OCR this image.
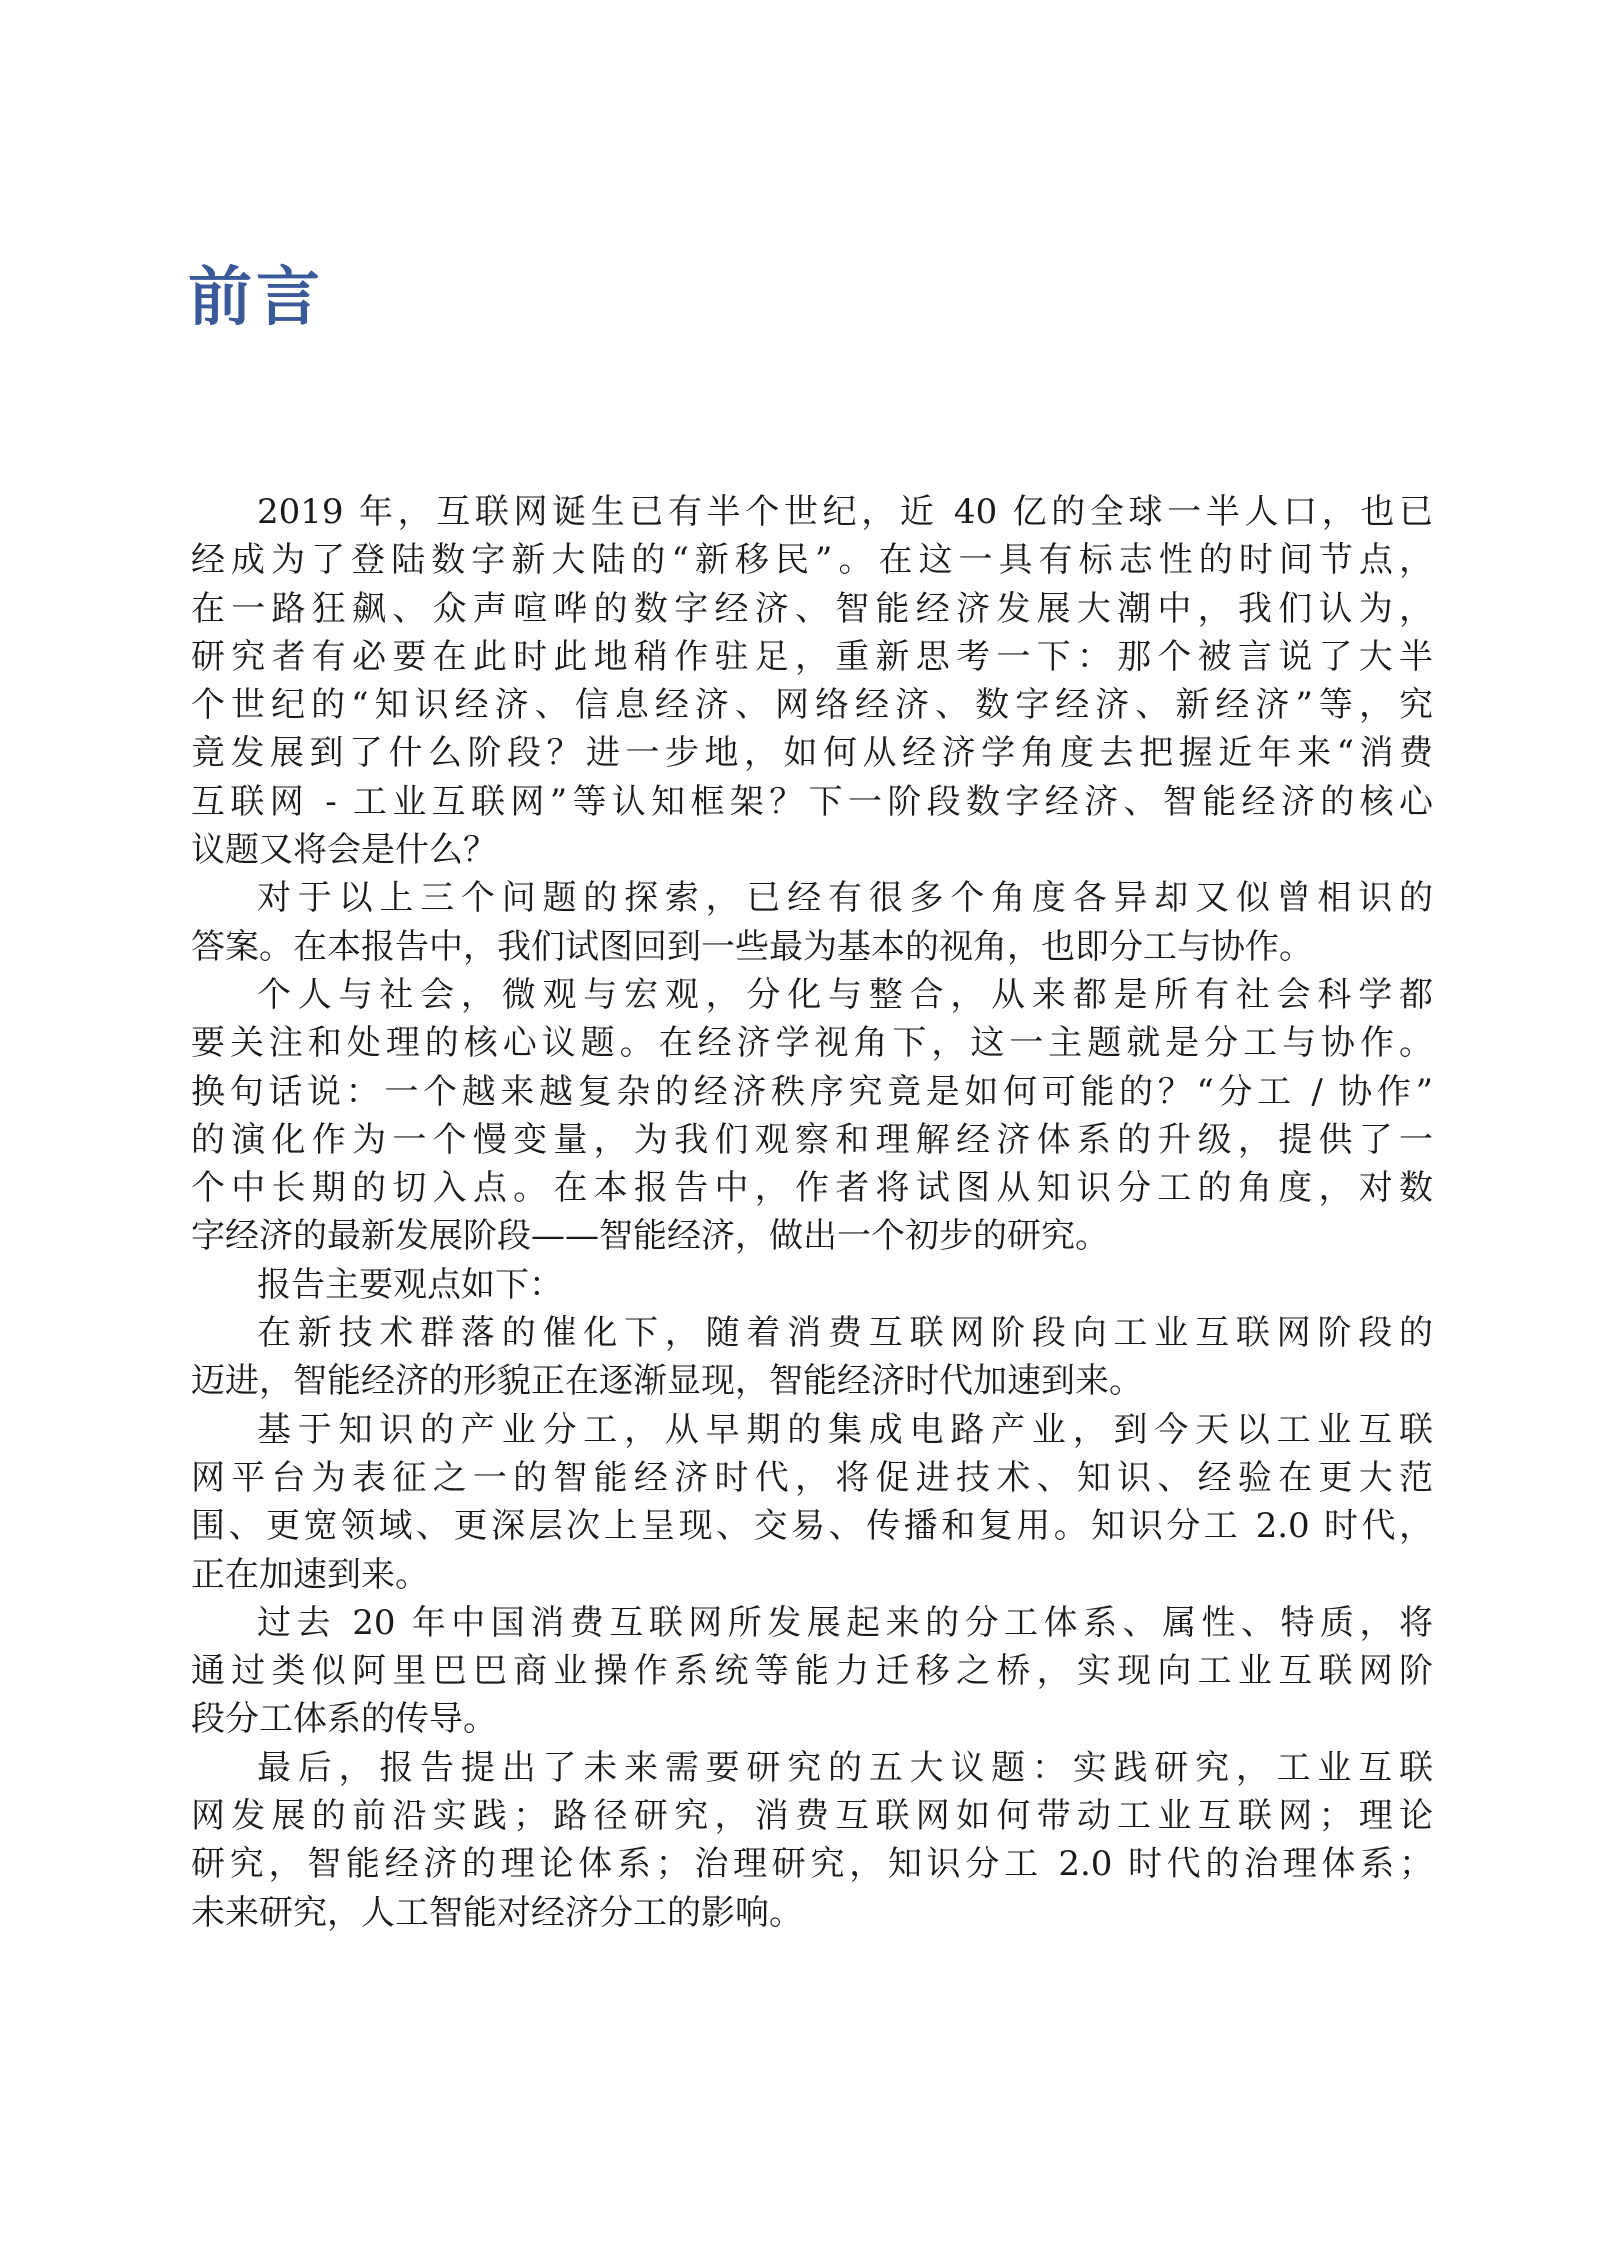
前言
2019 年，互联网诞生已有半个世纪，近 40 亿的全球一半人口，也已
经成为了登陆数字新大陆的“新移民”。在这一具有标志性的时间节点，
在一路狂飙、众声喧哗的数字经济、智能经济发展大潮中，我们认为，
研究者有必要在此时此地稍作驻足，重新思考一下：那个被言说了大半
个世纪的“知识经济、信息经济、网络经济、数字经济、新经济”等，究
竟发展到了什么阶段？进一步地，如何从经济学角度去把握近年来“消费
互联网 - 工业互联网”等认知框架？下一阶段数字经济、智能经济的核心
议题又将会是什么？
对于以上三个问题的探索，已经有很多个角度各异却又似曾相识的
答案。在本报告中，我们试图回到一些最为基本的视角，也即分工与协作。
个人与社会，微观与宏观，分化与整合，从来都是所有社会科学都
要关注和处理的核心议题。在经济学视角下，这一主题就是分工与协作。
换句话说：一个越来越复杂的经济秩序究竟是如何可能的？“分工 / 协作”
的演化作为一个慢变量，为我们观察和理解经济体系的升级，提供了一
个中长期的切入点。在本报告中，作者将试图从知识分工的角度，对数
字经济的最新发展阶段——智能经济，做出一个初步的研究。
报告主要观点如下：
在新技术群落的催化下，随着消费互联网阶段向工业互联网阶段的
迈进，智能经济的形貌正在逐渐显现，智能经济时代加速到来。
基于知识的产业分工，从早期的集成电路产业，到今天以工业互联
网平台为表征之一的智能经济时代，将促进技术、知识、经验在更大范
围、更宽领域、更深层次上呈现、交易、传播和复用。知识分工 2.0 时代，
正在加速到来。
过去 20 年中国消费互联网所发展起来的分工体系、属性、特质，将
通过类似阿里巴巴商业操作系统等能力迁移之桥，实现向工业互联网阶
段分工体系的传导。
最后，报告提出了未来需要研究的五大议题：实践研究，工业互联
网发展的前沿实践；路径研究，消费互联网如何带动工业互联网；理论
研究，智能经济的理论体系；治理研究，知识分工 2.0 时代的治理体系；
未来研究，人工智能对经济分工的影响。
